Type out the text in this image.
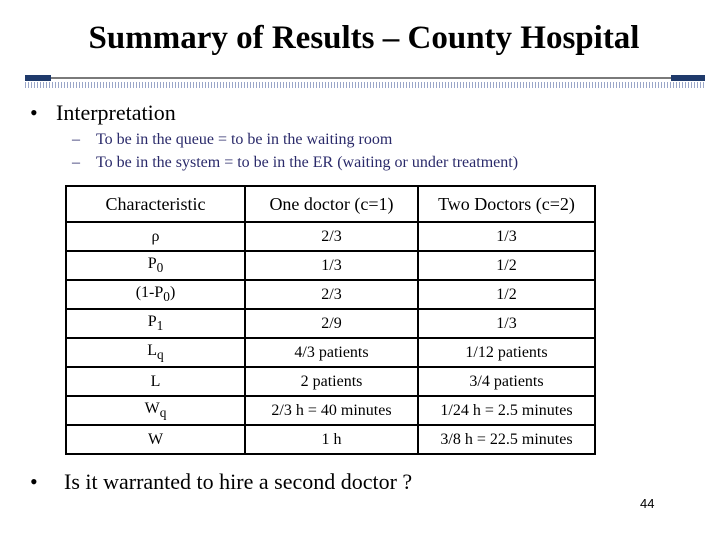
Summary of Results – County Hospital
• Interpretation
– To be in the queue = to be in the waiting room
– To be in the system = to be in the ER (waiting or under treatment)
Characteristic	One doctor (c=1)	Two Doctors (c=2)
ρ	2/3	1/3
$P_0$	1/3	1/2
$(1-P_0)$	2/3	1/2
$P_1$	2/9	1/3
$L_q$	4/3 patients	1/12 patients
L	2 patients	3/4 patients
$W_q$	2/3 h = 40 minutes	1/24 h = 2.5 minutes
W	1 h	3/8 h = 22.5 minutes
• Is it warranted to hire a second doctor ?
44
